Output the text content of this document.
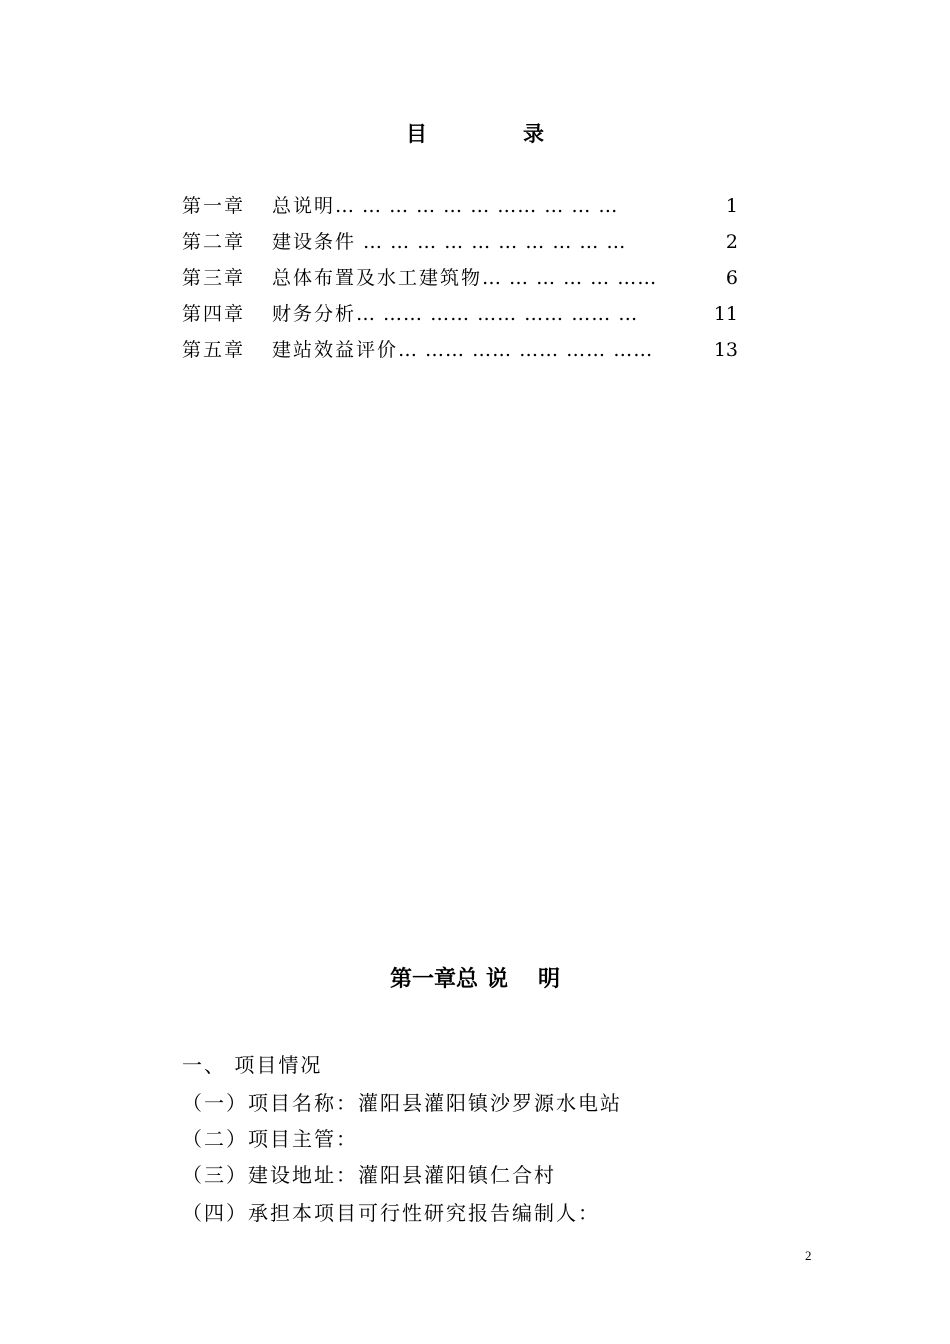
目	录
第一章 总说明… … … … … … …… … … …	1
第二章 建设条件 … … … … … … … … … …	2
第三章 总体布置及水工建筑物… … … … … ……	6
第四章 财务分析… …… …… …… …… …… …	11
第五章 建站效益评价… …… …… …… …… ……	13
第一章总 说 明
一、 项目情况
（一）项目名称：灌阳县灌阳镇沙罗源水电站
（二）项目主管：
（三）建设地址：灌阳县灌阳镇仁合村
（四）承担本项目可行性研究报告编制人：
2
